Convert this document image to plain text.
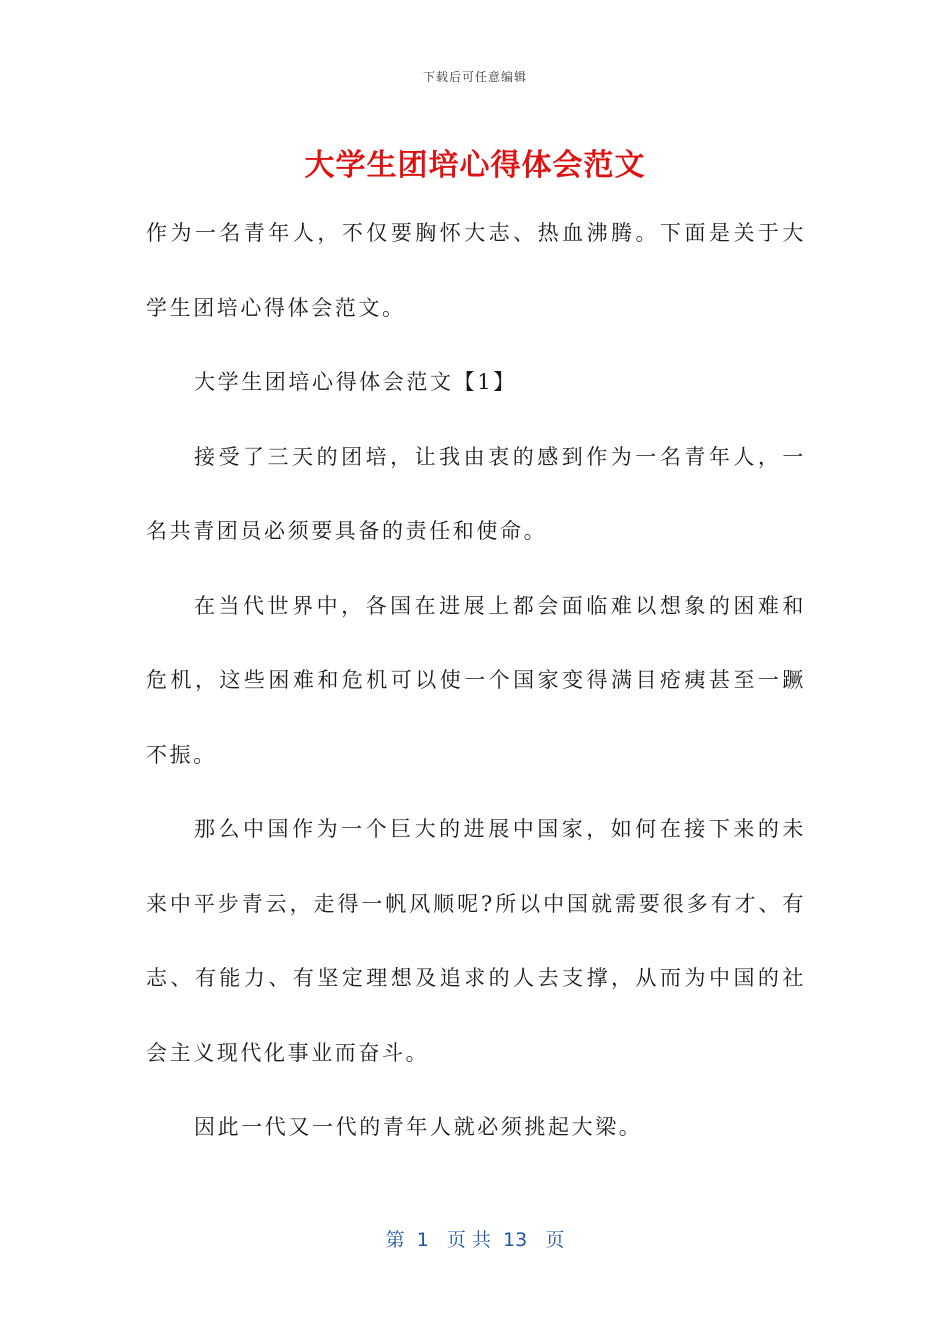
下载后可任意编辑
大学生团培心得体会范文

作为一名青年人，不仅要胸怀大志、热血沸腾。下面是关于大学生团培心得体会范文。

大学生团培心得体会范文【1】

接受了三天的团培，让我由衷的感到作为一名青年人，一名共青团员必须要具备的责任和使命。

在当代世界中，各国在进展上都会面临难以想象的困难和危机，这些困难和危机可以使一个国家变得满目疮痍甚至一蹶不振。

那么中国作为一个巨大的进展中国家，如何在接下来的未来中平步青云，走得一帆风顺呢?所以中国就需要很多有才、有志、有能力、有坚定理想及追求的人去支撑，从而为中国的社会主义现代化事业而奋斗。

因此一代又一代的青年人就必须挑起大梁。

第  1   页 共  13   页
